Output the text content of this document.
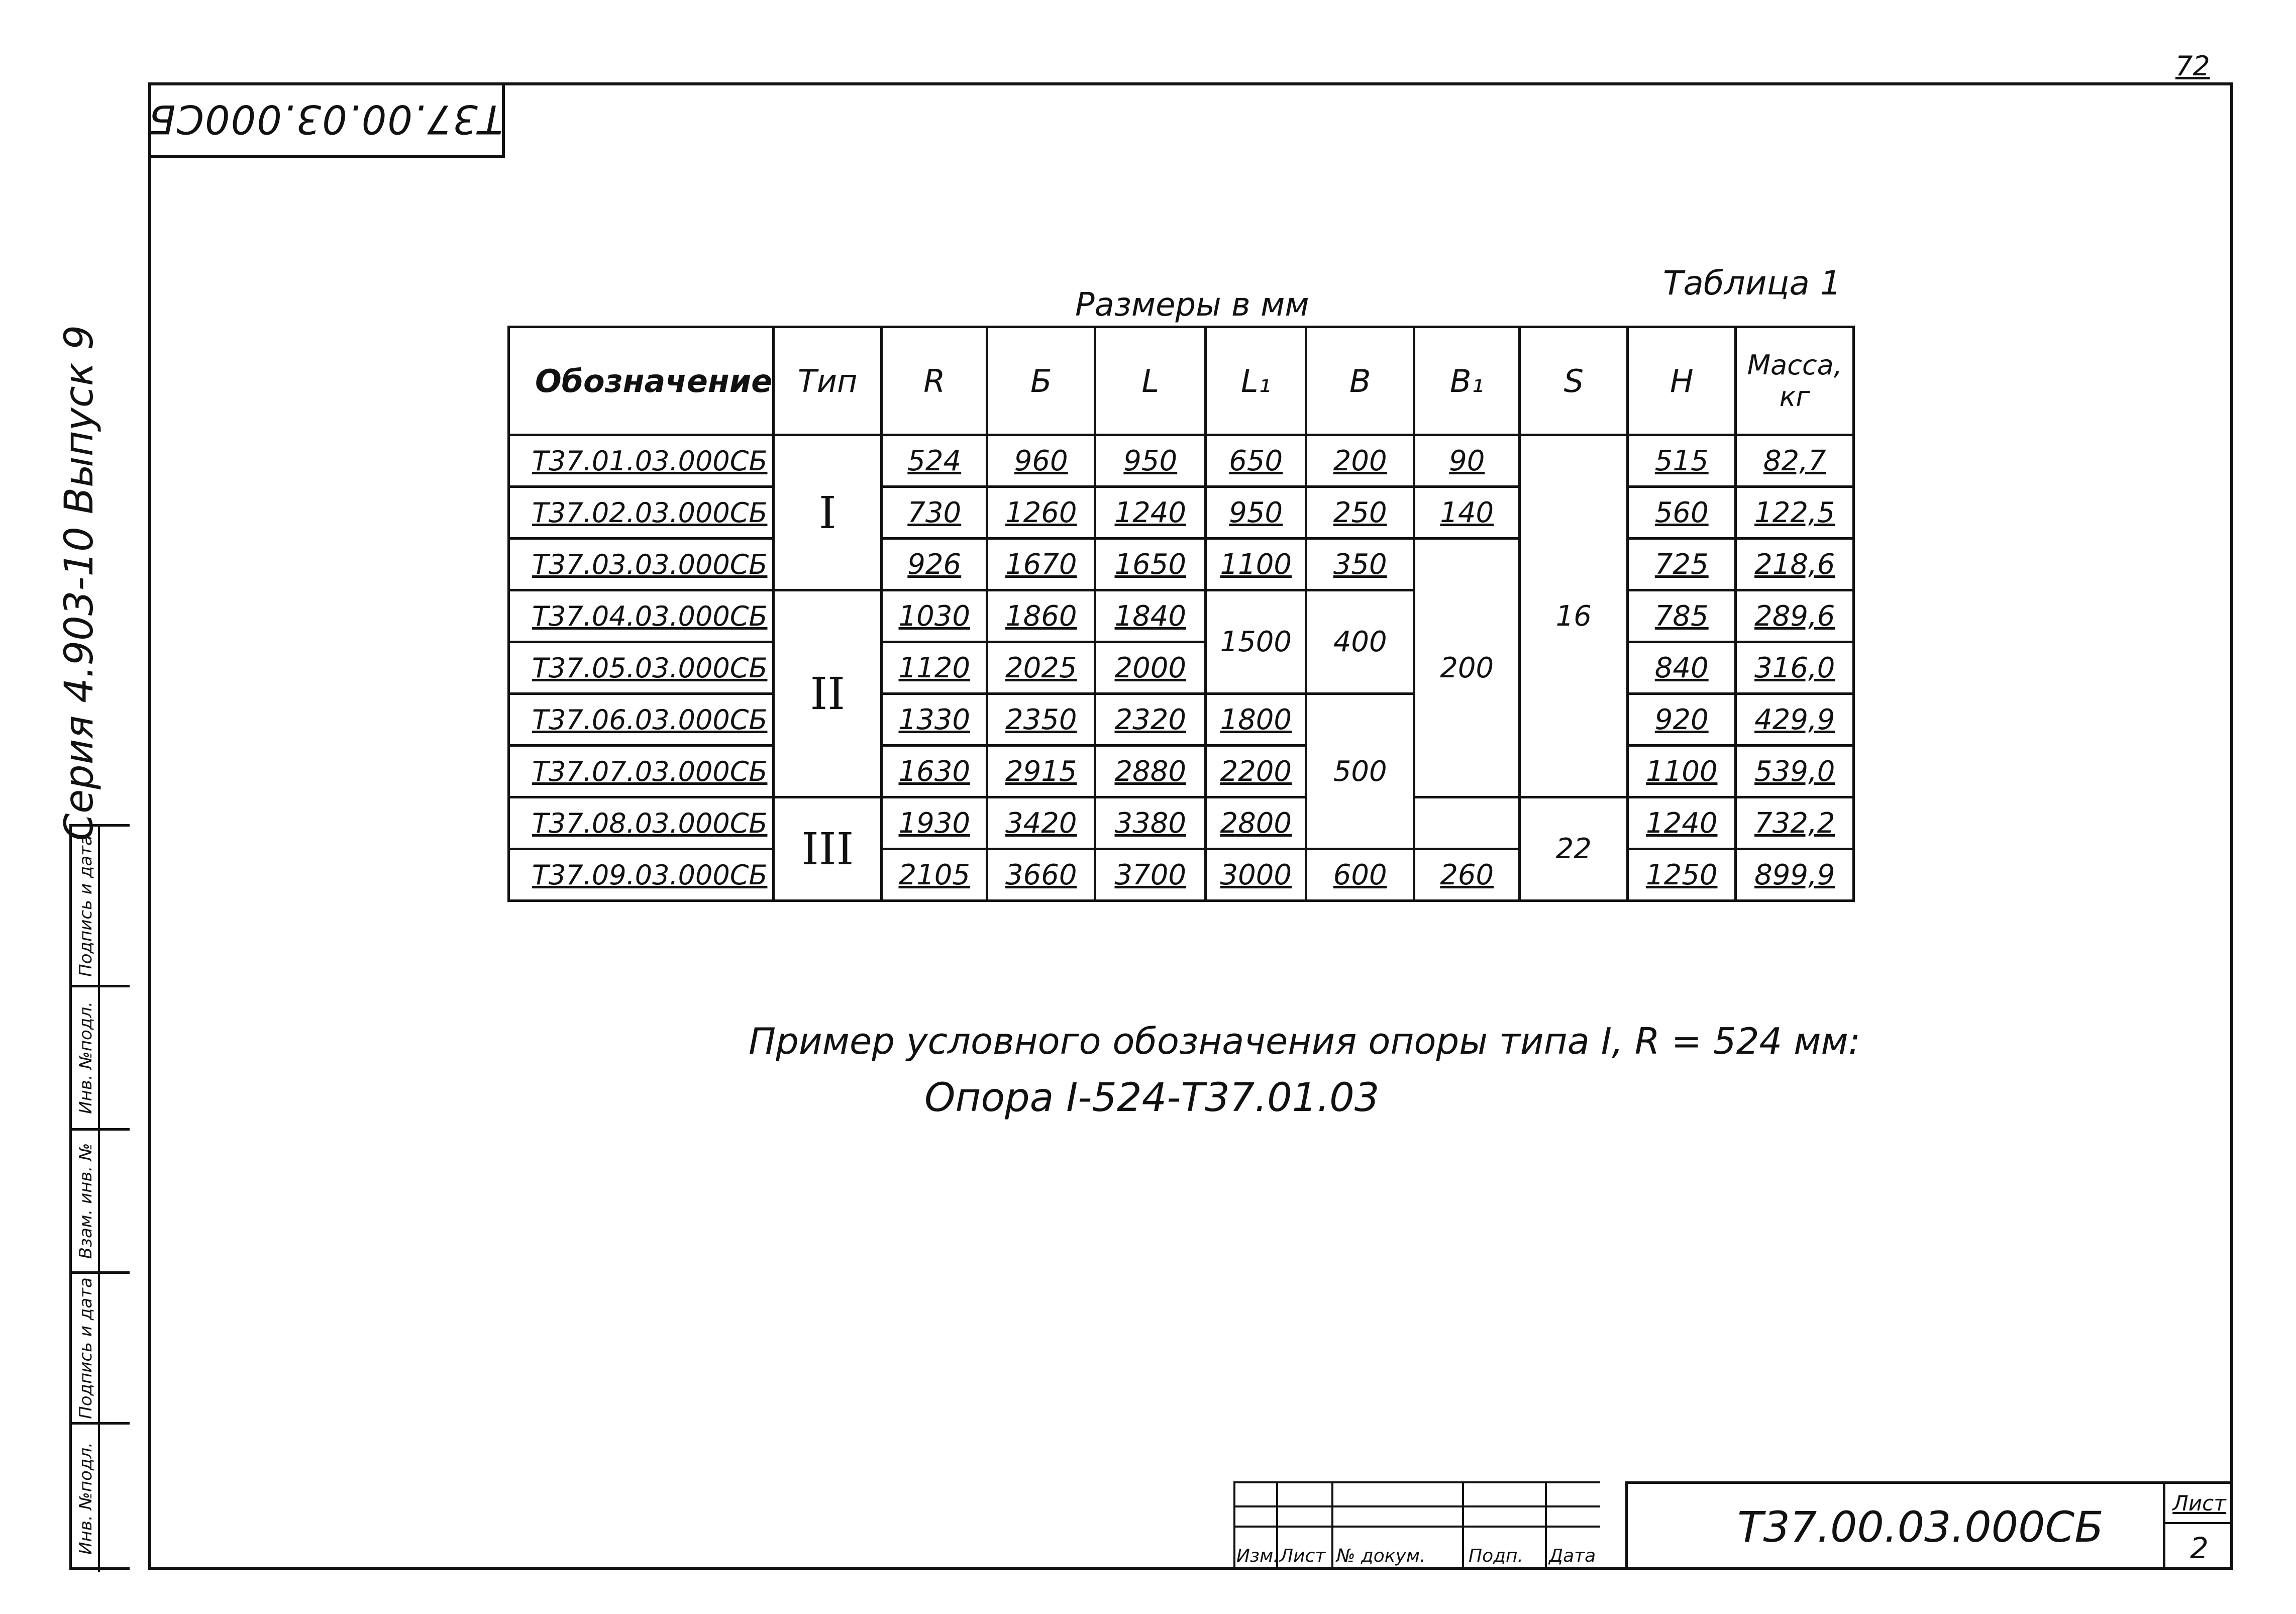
72
Т37.00.03.000СБ
Серия 4.903-10 Выпуск 9
Подпись и дата
Инв. №подл.
Взам. инв. №
Подпись и дата
Инв. №подл.
Размеры в мм
Таблица 1
Обозначение	Тип	R	Б	L	L₁	В	В₁	S	Н	Масса, кг
Т37.01.03.000СБ	I	524	960	950	650	200	90	16	515	82,7
Т37.02.03.000СБ		730	1260	1240	950	250	140		560	122,5
Т37.03.03.000СБ		926	1670	1650	1100	350	200		725	218,6
Т37.04.03.000СБ	II	1030	1860	1840	1500	400			785	289,6
Т37.05.03.000СБ		1120	2025	2000					840	316,0
Т37.06.03.000СБ		1330	2350	2320	1800	500			920	429,9
Т37.07.03.000СБ		1630	2915	2880	2200				1100	539,0
Т37.08.03.000СБ	III	1930	3420	3380	2800			22	1240	732,2
Т37.09.03.000СБ		2105	3660	3700	3000	600	260		1250	899,9
Пример условного обозначения опоры типа I, R = 524 мм:
Опора I-524-Т37.01.03
Изм. Лист № докум. Подп. Дата
Т37.00.03.000СБ	Лист
2
